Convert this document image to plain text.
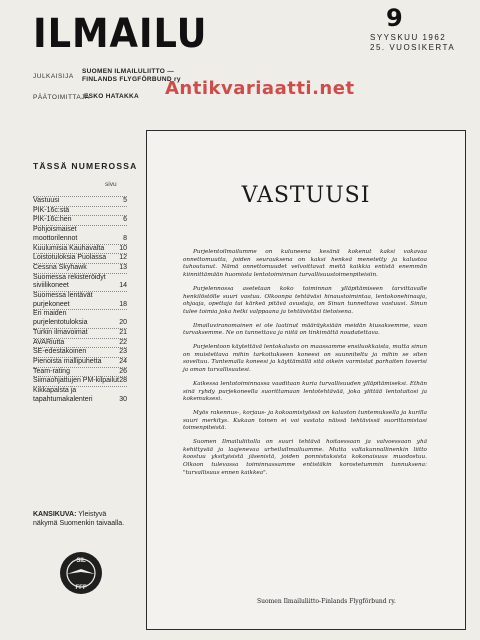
ILMAILU	9
SYYSKUU 1962
25. VUOSIKERTA
JULKAISIJA
SUOMEN ILMAILULIITTO —
FINLANDS FLYGFÖRBUND ry
PÄÄTOIMITTAJA
ESKO HATAKKA Antikvariaatti.net
TÄSSÄ NUMEROSSA
sivu
Vastuusi	5
PIK-16c:stä
PIK-16c:hen	6
Pohjoismaiset moottorilennot	8
Kuulumisia Kauhavalta	10
Loistotuloksia Puolassa	12
Cessna Skyhawk	13
Suomessa rekisteröidyt siviilikoneet	14
Suomessa lentävät purjekoneet	18
Eri maiden purjelentotuloksia	20
Turkin ilmavoimat	21
AVARiutta	22
SE-edestakoinen	23
Pienoista mallipuhetta	24
Team-rating	26
Siimaohjattujen PM-kilpailut 28
Kikkapalsta ja tapahtumakalenteri	30
KANSIKUVA: Yleistyvä näkymä Suomenkin taivaalla.
SIL
FFF
VASTUUSI

Purjelentoilmailumme on kuluneena kesänä kokenut kaksi vakavaa onnettomuutta, joiden seurauksena on kaksi henkeä menetetty ja kalustoa tuhoutunut. Nämä onnettomuudet velvoittavat meitä kaikkia entistä enemmän kiinnittämään huomiota lentotoiminnan turvallisuustoimenpiteisiin.

Purjelennossa asetetaan koko toiminnan ylläpitämiseen tarvittavalle henkilöstölle suuri vastuu. Olkoonpa tehtäväsi hinaustoimintaa, lentokonehinaaja, ohjaaja, opettaja tai kärkeä pitävä avustaja, on Sinun tunnettava vastuusi. Sinun tulee toimia joka hetki valppaana ja tehtävistäsi tietoisena.

Ilmailuviranomainen ei ole laatinut määräyksiään meidän kiusaksemme, vaan turvaksemme. Ne on tunnettava ja niitä on tinkimättä noudatettava.

Purjelentoon käytettävä lentokalusto on maassamme ensiluokkaista, mutta sinun on muistettava mihin tarkoitukseen koneesi on suunniteltu ja mihin se siten soveltuu. Tuntemalla koneesi ja käyttämällä sitä oikein varmistat parhaiten toverisi ja oman turvallisuutesi.

Kaikessa lentotoiminnassa vaaditaan kuria turvallisuuden ylläpitämiseksi. Ethän sinä ryhdy purjekoneella suorittamaan lentotehtävää, joka ylittää lentotaitosi ja kokemuksesi.

Myös rakennus-, korjaus- ja kokoamistyössä on kaluston tuntemuksella ja kurilla suuri merkitys. Kukaan toinen ei voi vastata näissä tehtävissä suorittamistasi toimenpiteistä.

Suomen Ilmailuliitolla on suuri tehtävä hoitaessaan ja valvoessaan yhä kehittyvää ja laajenevaa urheiluilmailuamme. Mutta valtakunnallinenkin liitto koostuu yksityisistä jäsenistä, joiden ponnistuksista kokonaisuus muodostuu. Olkoon tulevassa toiminnassamme entistäkin korostetummin tunnuksena: "turvallisuus ennen kaikkea".

Suomen Ilmailuliitto-Finlands Flygförbund ry.
